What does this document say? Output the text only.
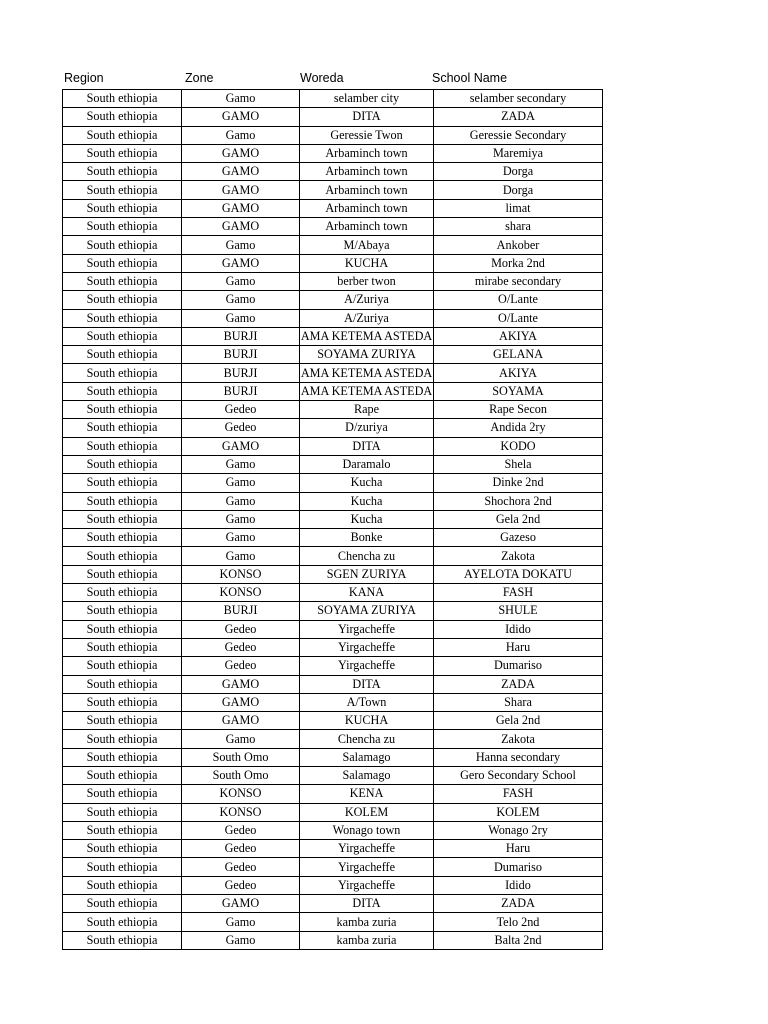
Region	Zone	Woreda	School Name
South ethiopia	Gamo	selamber city	selamber secondary
South ethiopia	GAMO	DITA	ZADA
South ethiopia	Gamo	Geressie Twon	Geressie Secondary
South ethiopia	GAMO	Arbaminch town	Maremiya
South ethiopia	GAMO	Arbaminch town	Dorga
South ethiopia	GAMO	Arbaminch town	Dorga
South ethiopia	GAMO	Arbaminch town	limat
South ethiopia	GAMO	Arbaminch town	shara
South ethiopia	Gamo	M/Abaya	Ankober
South ethiopia	GAMO	KUCHA	Morka 2nd
South ethiopia	Gamo	berber twon	mirabe secondary
South ethiopia	Gamo	A/Zuriya	O/Lante
South ethiopia	Gamo	A/Zuriya	O/Lante
South ethiopia	BURJI	AMA KETEMA ASTEDA	AKIYA
South ethiopia	BURJI	SOYAMA ZURIYA	GELANA
South ethiopia	BURJI	AMA KETEMA ASTEDA	AKIYA
South ethiopia	BURJI	AMA KETEMA ASTEDA	SOYAMA
South ethiopia	Gedeo	Rape	Rape Secon
South ethiopia	Gedeo	D/zuriya	Andida 2ry
South ethiopia	GAMO	DITA	KODO
South ethiopia	Gamo	Daramalo	Shela
South ethiopia	Gamo	Kucha	Dinke 2nd
South ethiopia	Gamo	Kucha	Shochora 2nd
South ethiopia	Gamo	Kucha	Gela 2nd
South ethiopia	Gamo	Bonke	Gazeso
South ethiopia	Gamo	Chencha zu	Zakota
South ethiopia	KONSO	SGEN ZURIYA	AYELOTA DOKATU
South ethiopia	KONSO	KANA	FASH
South ethiopia	BURJI	SOYAMA ZURIYA	SHULE
South ethiopia	Gedeo	Yirgacheffe	Idido
South ethiopia	Gedeo	Yirgacheffe	Haru
South ethiopia	Gedeo	Yirgacheffe	Dumariso
South ethiopia	GAMO	DITA	ZADA
South ethiopia	GAMO	A/Town	Shara
South ethiopia	GAMO	KUCHA	Gela 2nd
South ethiopia	Gamo	Chencha zu	Zakota
South ethiopia	South Omo	Salamago	Hanna secondary
South ethiopia	South Omo	Salamago	Gero Secondary School
South ethiopia	KONSO	KENA	FASH
South ethiopia	KONSO	KOLEM	KOLEM
South ethiopia	Gedeo	Wonago town	Wonago 2ry
South ethiopia	Gedeo	Yirgacheffe	Haru
South ethiopia	Gedeo	Yirgacheffe	Dumariso
South ethiopia	Gedeo	Yirgacheffe	Idido
South ethiopia	GAMO	DITA	ZADA
South ethiopia	Gamo	kamba zuria	Telo 2nd
South ethiopia	Gamo	kamba zuria	Balta 2nd
